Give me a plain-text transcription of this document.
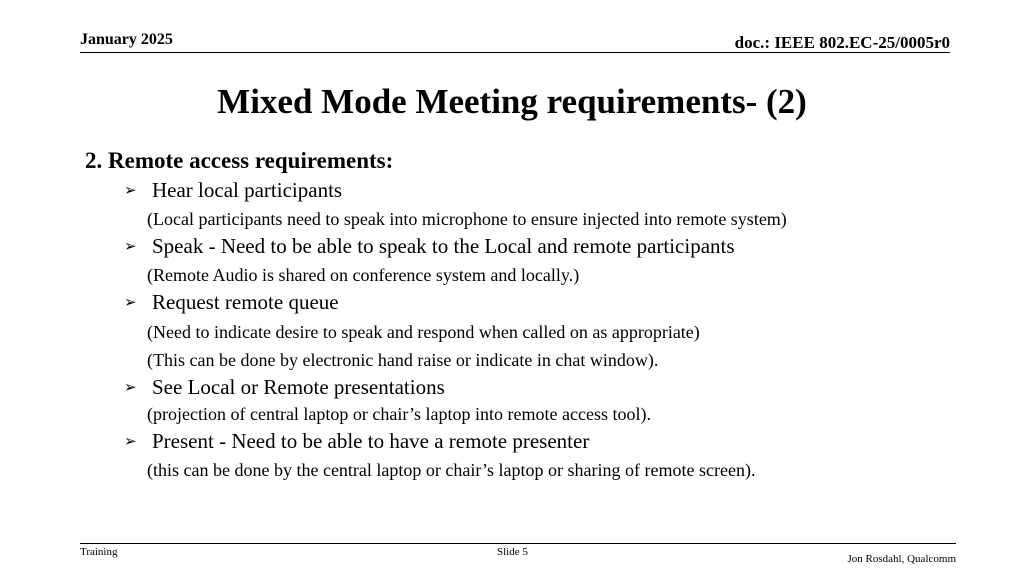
January 2025	doc.: IEEE 802.EC-25/0005r0
Mixed Mode Meeting requirements- (2)
2. Remote access requirements:
➢ Hear local participants
(Local participants need to speak into microphone to ensure injected into remote system)
➢ Speak - Need to be able to speak to the Local and remote participants
(Remote Audio is shared on conference system and locally.)
➢ Request remote queue
(Need to indicate desire to speak and respond when called on as appropriate)
(This can be done by electronic hand raise or indicate in chat window).
➢ See Local or Remote presentations
(projection of central laptop or chair’s laptop into remote access tool).
➢ Present - Need to be able to have a remote presenter
(this can be done by the central laptop or chair’s laptop or sharing of remote screen).
Training	Slide 5
Jon Rosdahl, Qualcomm
